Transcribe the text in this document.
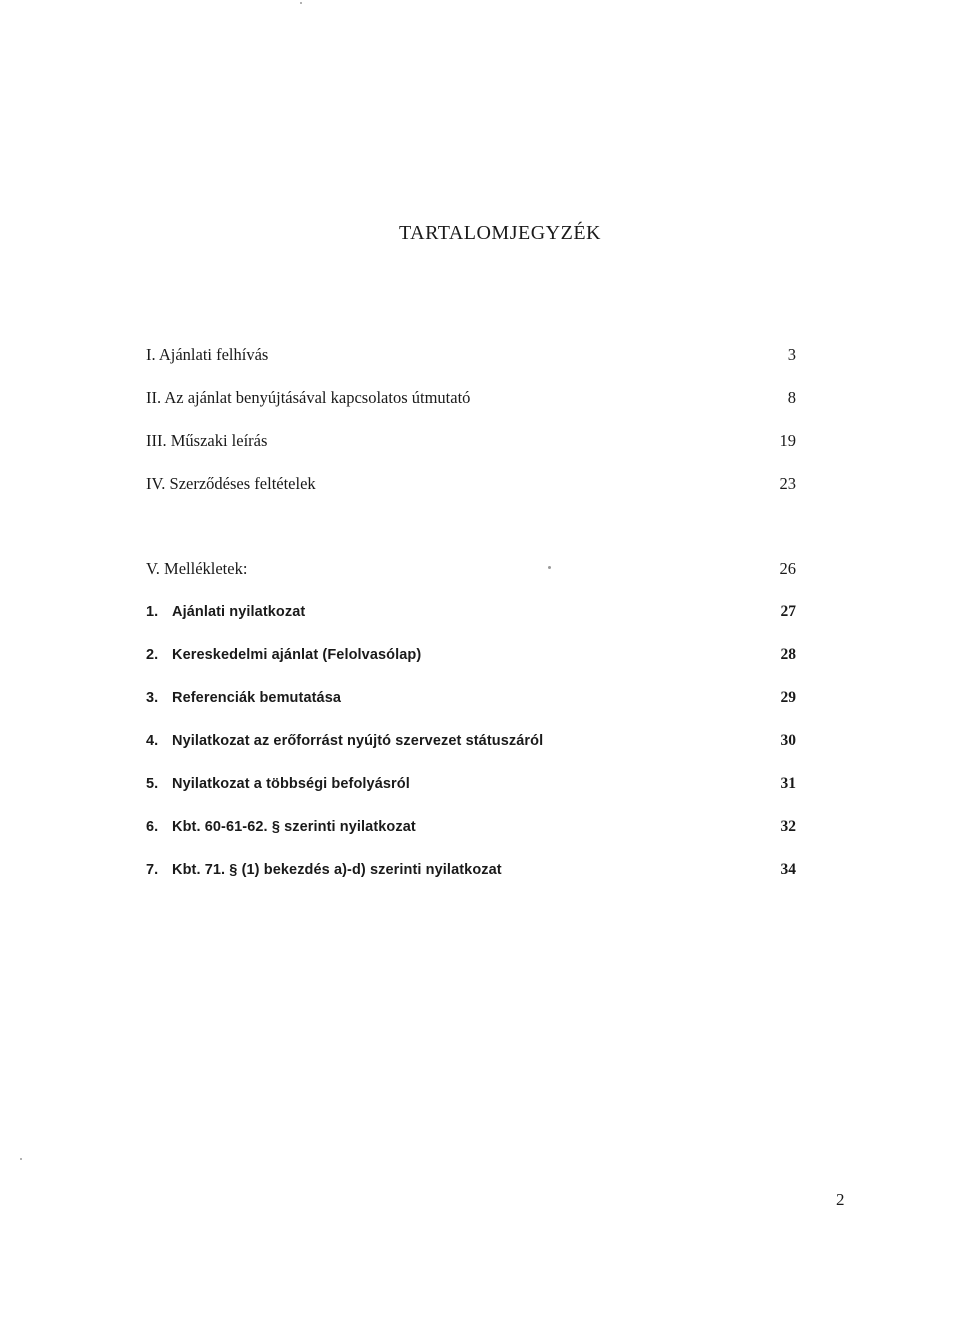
TARTALOMJEGYZÉK
I. Ajánlati felhívás	3
II. Az ajánlat benyújtásával kapcsolatos útmutató	8
III. Műszaki leírás	19
IV. Szerződéses feltételek	23
V. Mellékletek:	26
1. Ajánlati nyilatkozat	27
2. Kereskedelmi ajánlat (Felolvasólap)	28
3. Referenciák bemutatása	29
4. Nyilatkozat az erőforrást nyújtó szervezet státuszáról	30
5. Nyilatkozat a többségi befolyásról	31
6. Kbt. 60-61-62. § szerinti nyilatkozat	32
7. Kbt. 71. § (1) bekezdés a)-d) szerinti nyilatkozat	34
2
